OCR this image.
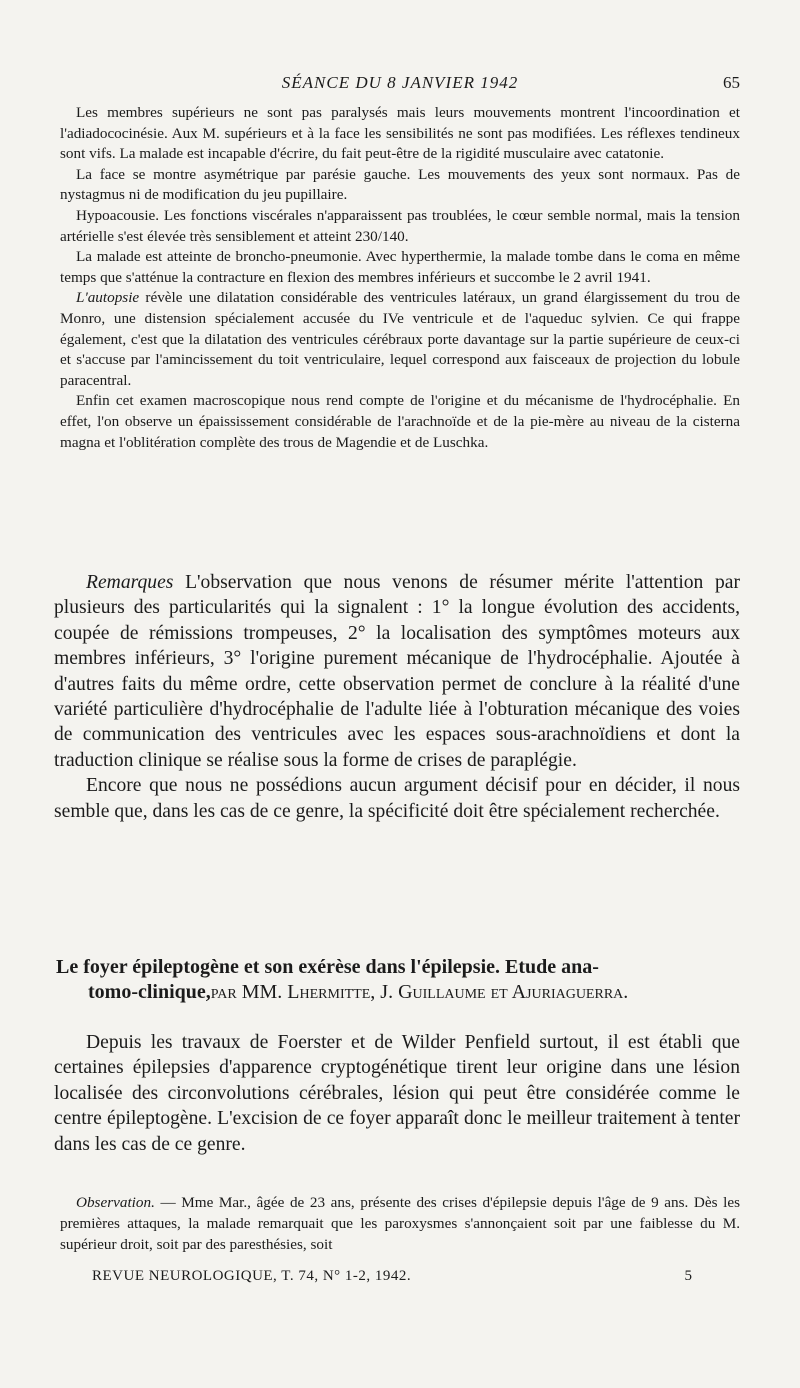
SÉANCE DU 8 JANVIER 1942	65

Les membres supérieurs ne sont pas paralysés mais leurs mouvements montrent l'incoordination et l'adiadococinésie. Aux M. supérieurs et à la face les sensibilités ne sont pas modifiées. Les réflexes tendineux sont vifs. La malade est incapable d'écrire, du fait peut-être de la rigidité musculaire avec catatonie.

La face se montre asymétrique par parésie gauche. Les mouvements des yeux sont normaux. Pas de nystagmus ni de modification du jeu pupillaire.

Hypoacousie. Les fonctions viscérales n'apparaissent pas troublées, le cœur semble normal, mais la tension artérielle s'est élevée très sensiblement et atteint 230/140.

La malade est atteinte de broncho-pneumonie. Avec hyperthermie, la malade tombe dans le coma en même temps que s'atténue la contracture en flexion des membres inférieurs et succombe le 2 avril 1941.

L'autopsie révèle une dilatation considérable des ventricules latéraux, un grand élargissement du trou de Monro, une distension spécialement accusée du IVe ventricule et de l'aqueduc sylvien. Ce qui frappe également, c'est que la dilatation des ventricules cérébraux porte davantage sur la partie supérieure de ceux-ci et s'accuse par l'amincissement du toit ventriculaire, lequel correspond aux faisceaux de projection du lobule paracentral.

Enfin cet examen macroscopique nous rend compte de l'origine et du mécanisme de l'hydrocéphalie. En effet, l'on observe un épaississement considérable de l'arachnoïde et de la pie-mère au niveau de la cisterna magna et l'oblitération complète des trous de Magendie et de Luschka.

Remarques L'observation que nous venons de résumer mérite l'attention par plusieurs des particularités qui la signalent : 1° la longue évolution des accidents, coupée de rémissions trompeuses, 2° la localisation des symptômes moteurs aux membres inférieurs, 3° l'origine purement mécanique de l'hydrocéphalie. Ajoutée à d'autres faits du même ordre, cette observation permet de conclure à la réalité d'une variété particulière d'hydrocéphalie de l'adulte liée à l'obturation mécanique des voies de communication des ventricules avec les espaces sous-arachnoïdiens et dont la traduction clinique se réalise sous la forme de crises de paraplégie.

Encore que nous ne possédions aucun argument décisif pour en décider, il nous semble que, dans les cas de ce genre, la spécificité doit être spécialement recherchée.

Le foyer épileptogène et son exérèse dans l'épilepsie. Etude ana-
tomo-clinique,par MM. Lhermitte, J. Guillaume et Ajuriaguerra.

Depuis les travaux de Foerster et de Wilder Penfield surtout, il est établi que certaines épilepsies d'apparence cryptogénétique tirent leur origine dans une lésion localisée des circonvolutions cérébrales, lésion qui peut être considérée comme le centre épileptogène. L'excision de ce foyer apparaît donc le meilleur traitement à tenter dans les cas de ce genre.

Observation. — Mme Mar., âgée de 23 ans, présente des crises d'épilepsie depuis l'âge de 9 ans. Dès les premières attaques, la malade remarquait que les paroxysmes s'annonçaient soit par une faiblesse du M. supérieur droit, soit par des paresthésies, soit

REVUE NEUROLOGIQUE, T. 74, N° 1-2, 1942.	5
